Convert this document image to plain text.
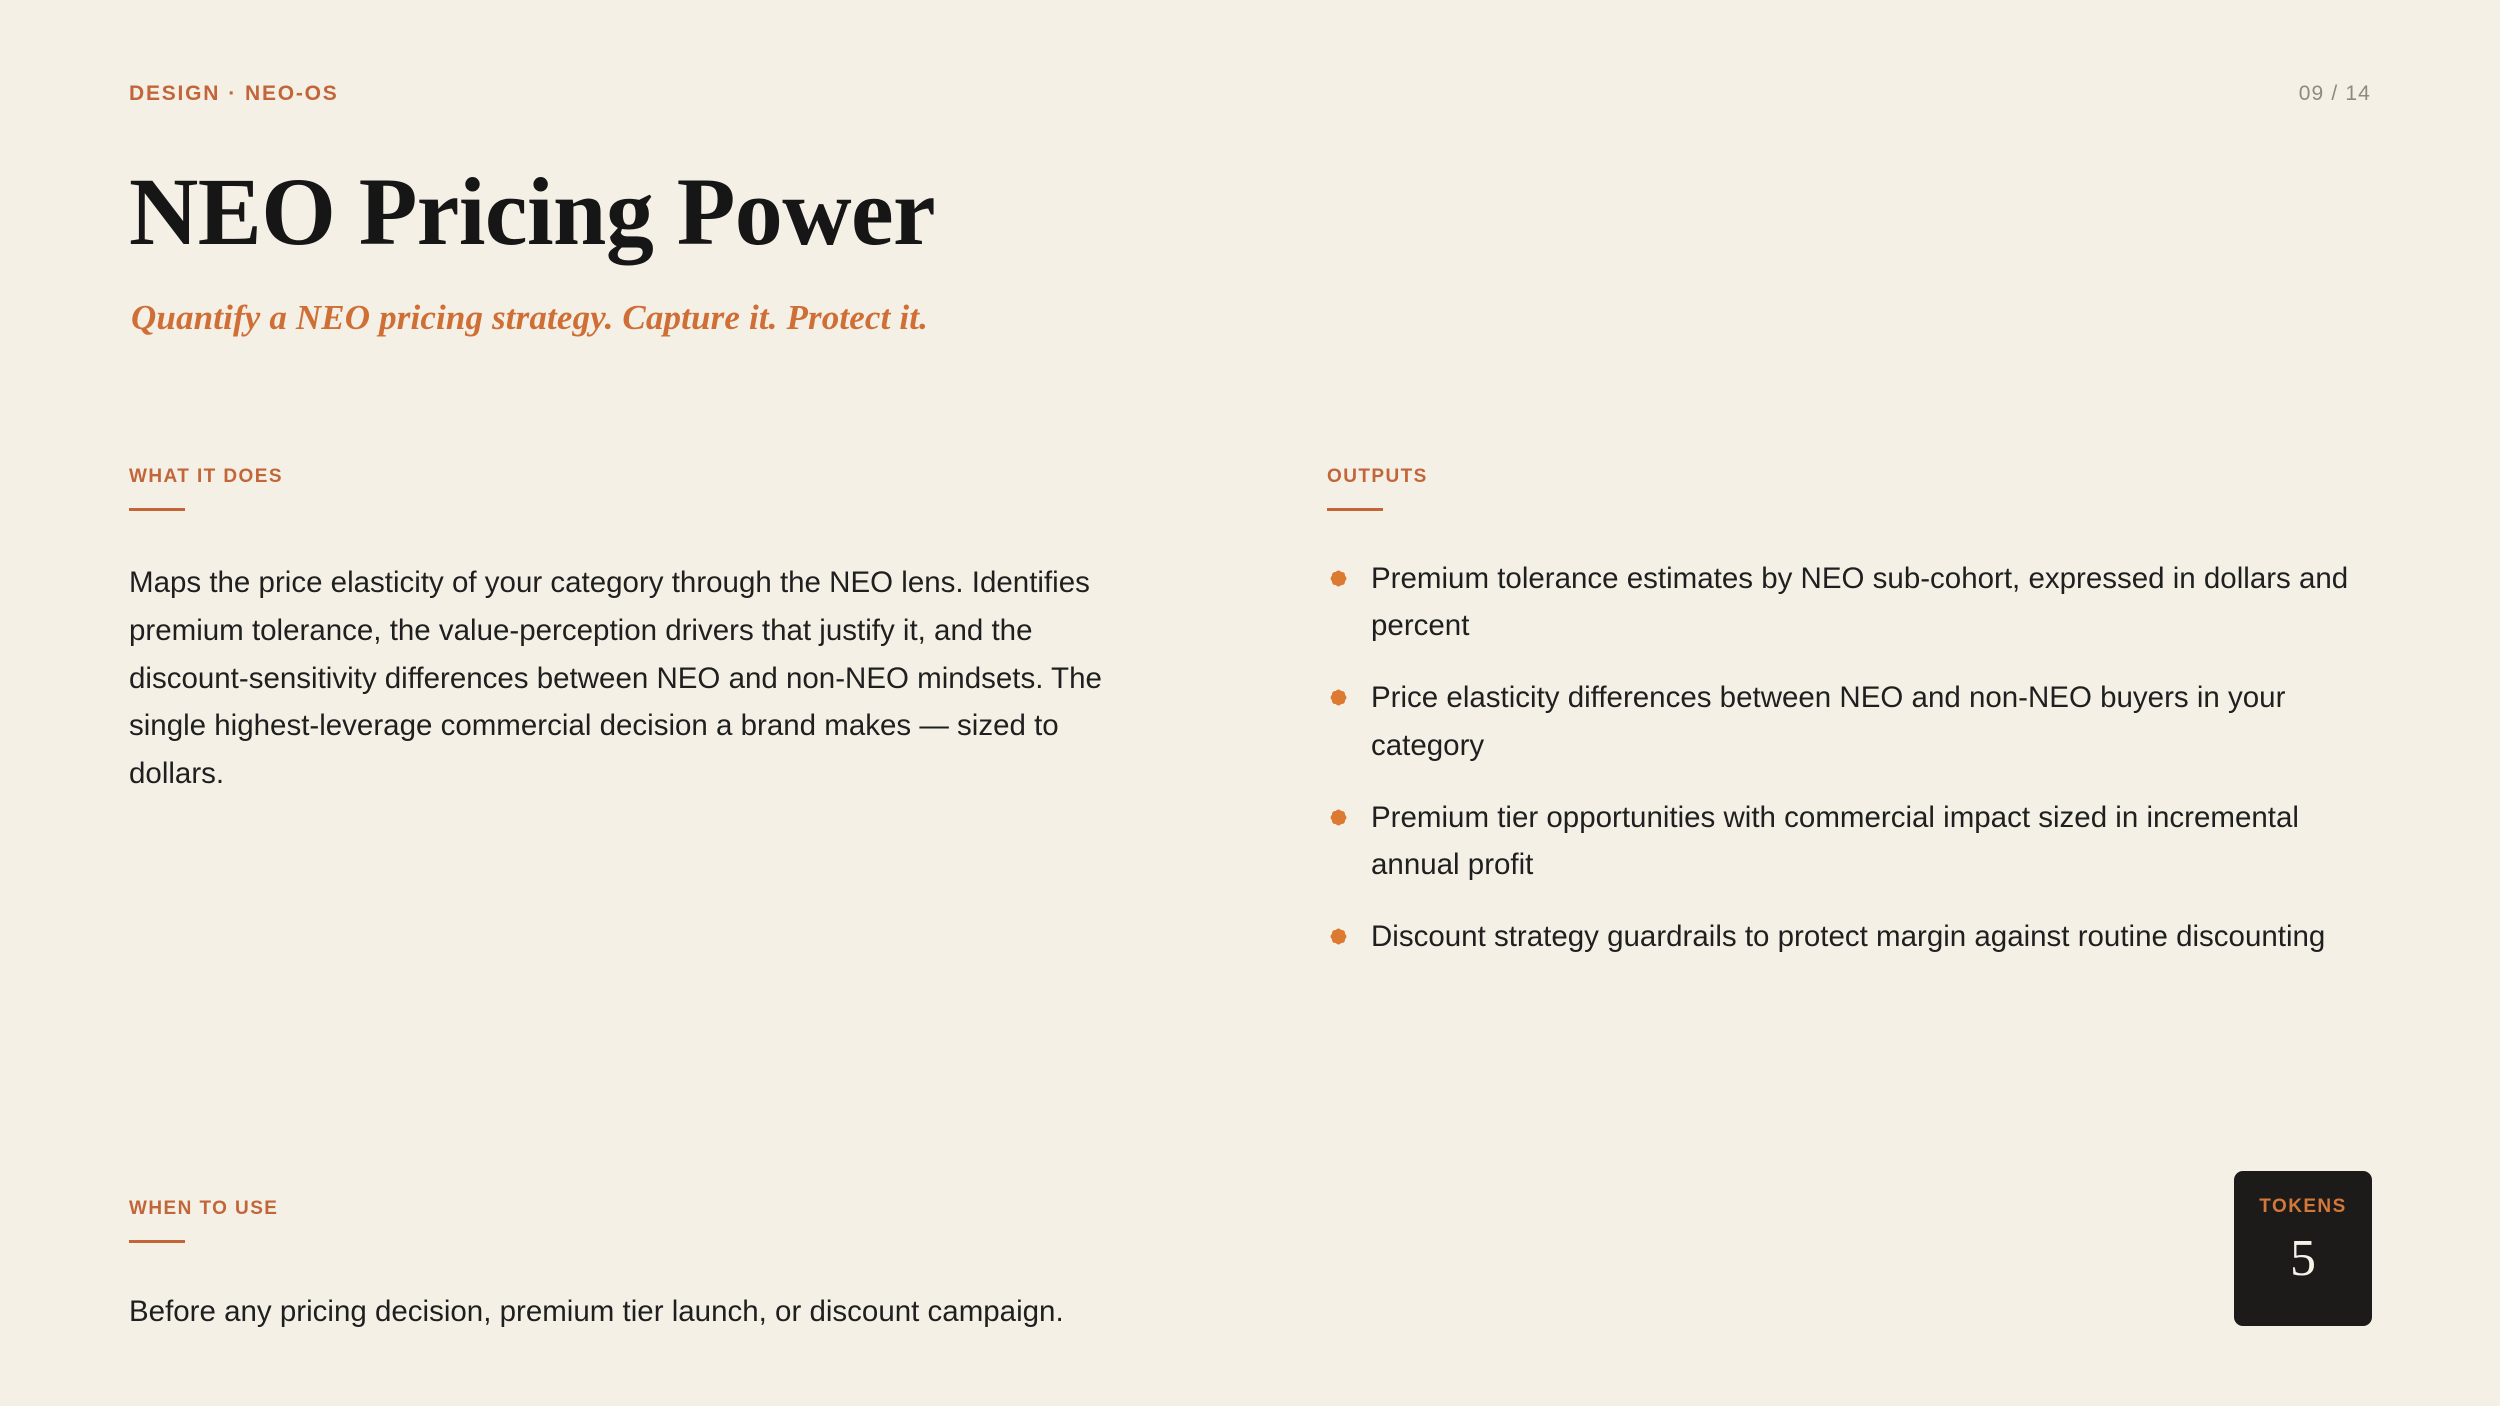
DESIGN · NEO-OS	09 / 14
NEO Pricing Power
Quantify a NEO pricing strategy. Capture it. Protect it.
WHAT IT DOES

Maps the price elasticity of your category through the NEO lens. Identifies premium tolerance, the value-perception drivers that justify it, and the discount-sensitivity differences between NEO and non-NEO mindsets. The single highest-leverage commercial decision a brand makes — sized to dollars.

OUTPUTS
Premium tolerance estimates by NEO sub-cohort, expressed in dollars and percent
Price elasticity differences between NEO and non-NEO buyers in your category
Premium tier opportunities with commercial impact sized in incremental annual profit
Discount strategy guardrails to protect margin against routine discounting
WHEN TO USE

Before any pricing decision, premium tier launch, or discount campaign.

TOKENS
5
